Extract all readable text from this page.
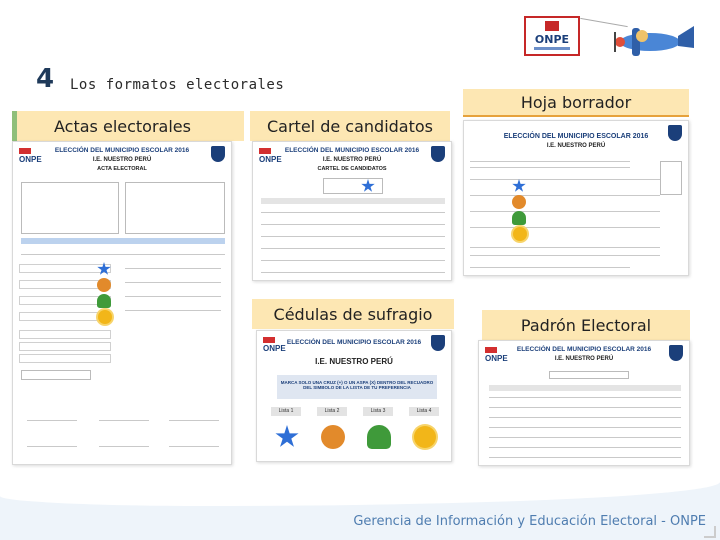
4 Los formatos electorales
ONPE
Actas electorales	Cartel de candidatos
Hoja borrador
Cédulas de sufragio
Padrón Electoral
ONPE
ELECCIÓN DEL MUNICIPIO ESCOLAR 2016
I.E. NUESTRO PERÚ
ACTA ELECTORAL
ONPE
ELECCIÓN DEL MUNICIPIO ESCOLAR 2016
I.E. NUESTRO PERÚ
CARTEL DE CANDIDATOS
ELECCIÓN DEL MUNICIPIO ESCOLAR 2016
I.E. NUESTRO PERÚ
ONPE
ELECCIÓN DEL MUNICIPIO ESCOLAR 2016
I.E. NUESTRO PERÚ
MARCA SOLO UNA CRUZ (+) O UN ASPA (X) DENTRO DEL RECUADRO DEL SIMBOLO DE LA LISTA DE TU PREFERENCIA
Lista 1	Lista 2	Lista 3	Lista 4
ONPE
ELECCIÓN DEL MUNICIPIO ESCOLAR 2016
I.E. NUESTRO PERÚ
Gerencia de Información y Educación Electoral - ONPE
